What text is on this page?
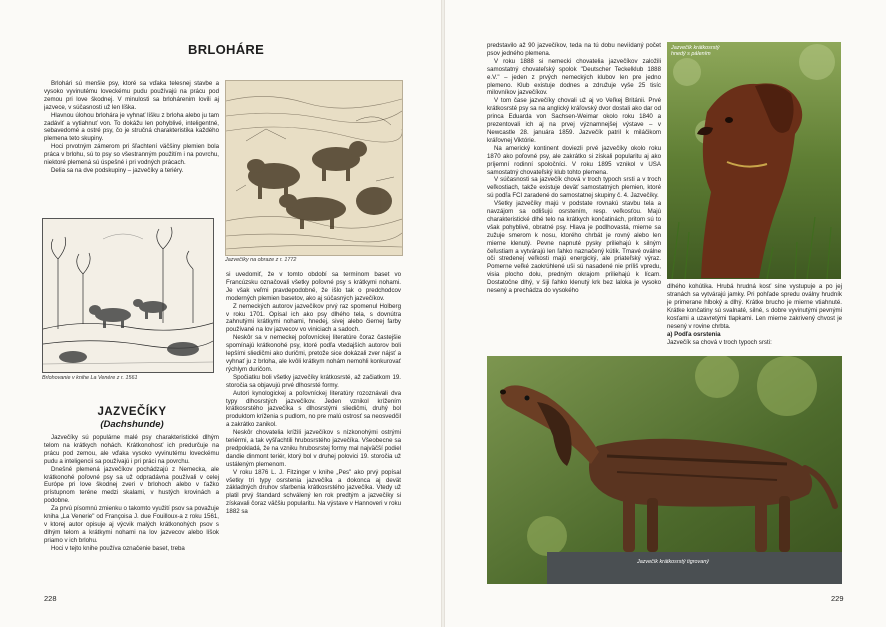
BRLOHÁRE

Brlohári sú menšie psy, ktoré sa vďaka telesnej stavbe a vysoko vyvinutému loveckému pudu používajú na prácu pod zemou pri love škodnej. V minulosti sa brlohárenim lovili aj jazvece, v súčasnosti už len líška.

Hlavnou úlohou brlohára je vyhnať líšku z brloha alebo ju tam zadáviť a vytiahnuť von. To dokážu len pohyblivé, inteligentné, sebavedomé a ostré psy, čo je stručná charakteristika každého plemena teto skupiny.

Hoci prvotným zámerom pri šľachtení väčšiny plemien bola práca v brlohu, sú to psy so všestranným použitím i na povrchu, niektoré plemená sú úspešné i pri vodných prácach.

Delia sa na dve podskupiny – jazvečíky a teriéry.

Jazvečíky na obraze z r. 1772
Brlohovanie v knihe La Venére z r. 1561
JAZVEČÍKY
(Dachshunde)

Jazvečíky sú populárne malé psy charakteristické dlhým telom na krátkych nohách. Krátkonohosť ich predurčuje na prácu pod zemou, ale vďaka vysoko vyvinutému loveckému pudu a inteligencii sa používajú i pri práci na povrchu.

Dnešné plemená jazvečíkov pochádzajú z Nemecka, ale krátkonohé poľovné psy sa už odpradávna používali v celej Európe pri love škodnej zveri v brlohoch alebo v ťažko prístupnom teréne medzi skalami, v hustých krovinách a podobne.

Za prvú písomnú zmienku o takomto využití psov sa považuje kniha „La Venerie" od Françoisa J. due Fouilloux-a z roku 1561, v ktorej autor opisuje aj výcvik malých krátkonohých psov s dlhým telom a krátkymi nohami na lov jazvecov alebo líšok priamo v ich brlohu.

Hoci v tejto knihe používa označenie baset, treba

si uvedomiť, že v tomto období sa termínom baset vo Francúzsku označovali všetky poľovné psy s krátkymi nohami. Je však veľmi pravdepodobné, že išlo tak o predchodcov moderných plemien basetov, ako aj súčasných jazvečíkov.

Z nemeckých autorov jazvečíkov prvý raz spomenul Holberg v roku 1701. Opísal ich ako psy dlhého tela, s dovnútra zahnutými krátkymi nohami, hnedej, sivej alebo čiernej farby používané na lov jazvecov vo viniciach a sadoch.

Neskôr sa v nemeckej poľovníckej literatúre čoraz častejšie spomínajú krátkonohé psy, ktoré podľa vtedajších autorov boli lepšími sliedičmi ako duričmi, pretože sice dokázali zver nájsť a vyhnať ju z brloha, ale kvôli krátkym nohám nemohli konkurovať rýchlym duričom.

Spočiatku boli všetky jazvečíky krátkosrsté, až začiatkom 19. storočia sa objavujú prvé dlhosrsté formy.

Autori kynologickej a poľovníckej literatúry rozoznávali dva typy dlhosrstých jazvečíkov. Jeden vznikol krížením krátkosrstého jazvečíka s dlhosrstými sliedičmi, druhý bol produktom kríženia s pudlom, no pre malú ostrosť sa neosvedčil a zakrátko zanikol.

Neskôr chovatelia krížili jazvečíkov s nízkonohými ostrými teriérmi, a tak vyšľachtili hrubosrstého jazvečíka. Všeobecne sa predpokladá, že na vzniku hrubosrstej formy mal najväčší podiel dandie dinmont teriér, ktorý bol v druhej polovici 19. storočia už ustáleným plemenom.

V roku 1876 L. J. Fitzinger v knihe „Pes" ako prvý popísal všetky tri typy osrstenia jazvečíka a dokonca aj devät základných druhov sfarbenia krátkosrstého jazvečíka. Vtedy už platil prvý štandard schválený len rok predtým a jazvečíky si získavali čoraz väčšiu popularitu. Na výstave v Hannoveri v roku 1882 sa

228

predstavilo až 90 jazvečíkov, teda na tú dobu neviídaný počet psov jedného plemena.

V roku 1888 si nemecki chovatelia jazvečíkov založili samostatný chovateľský spolok "Deutscher Teckelklub 1888 e.V." – jeden z prvých nemeckých klubov len pre jedno plemeno. Klub existuje dodnes a združuje vyše 25 tisíc milovníkov jazvečíkov.

V tom čase jazvečíky chovali už aj vo Veľkej Británii. Prvé krátkosrsté psy sa na anglický kráľovský dvor dostali ako dar od princa Eduarda von Sachsen-Weimar okolo roku 1840 a prezentovali ich aj na prvej významnejšej výstave – v Newcastle 28. januára 1859. Jazvečík patril k miláčikom kráľovnej Viktórie.

Na americký kontinent doviezli prvé jazvečíky okolo roku 1870 ako poľovné psy, ale zakrátko si získali popularitu aj ako príjemní rodinní spoločníci. V roku 1895 vznikol v USA samostatný chovateľský klub tohto plemena.

V súčasnosti sa jazvečík chová v troch typoch srsti a v troch veľkostiach, takže existuje deväť samostatných plemien, ktoré sú podľa FCI zaradené do samostatnej skupiny č. 4. Jazvečíky.

Všetky jazvečíky majú v podstate rovnakú stavbu tela a navzájom sa odlišujú osrstením, resp. veľkosťou. Majú charakteristické dlhé telo na krátkych končatinách, pritom sú to však pohyblivé, obratné psy. Hlava je podlhovastá, mierne sa zužuje smerom k nosu, ktorého chrbát je rovný alebo len mierne klenutý. Pevne napnuté pysky priliehajú k silným čeľustiam a vytvárajú len ľahko naznačený kútik. Tmavé oválne oči stredenej veľkosti majú energický, ale priateľský výraz. Pomerne veľké zaokrúhlené uši sú nasadené nie príliš vpredu, visia plocho dolu, predným okrajom priliehajú k lícam. Dostatočne dlhý, v šiji ľahko klenutý krk bez laloka je vysoko nesený a prechádza do vysokého

Jazvečík krátkosrstý hnedý s pálením

dlhého kohútika. Hrubá hrudná kosť síne vystupuje a po jej stranách sa vytvárajú jamky. Pri pohľade spredu oválny hrudník je primerane hlboký a dlhý. Krátke brucho je mierne vtiahnuté. Krátke končatiny sú svalnaté, silné, s dobre vyvinutými pevnými kosťami a uzavretými tlapkami. Len mierne zakrivený chvost je nesený v rovine chrbta.

a) Podľa osrstenia

Jazvečík sa chová v troch typoch srsti:

Jazvečík krátkosrstý tigrovaný
229
